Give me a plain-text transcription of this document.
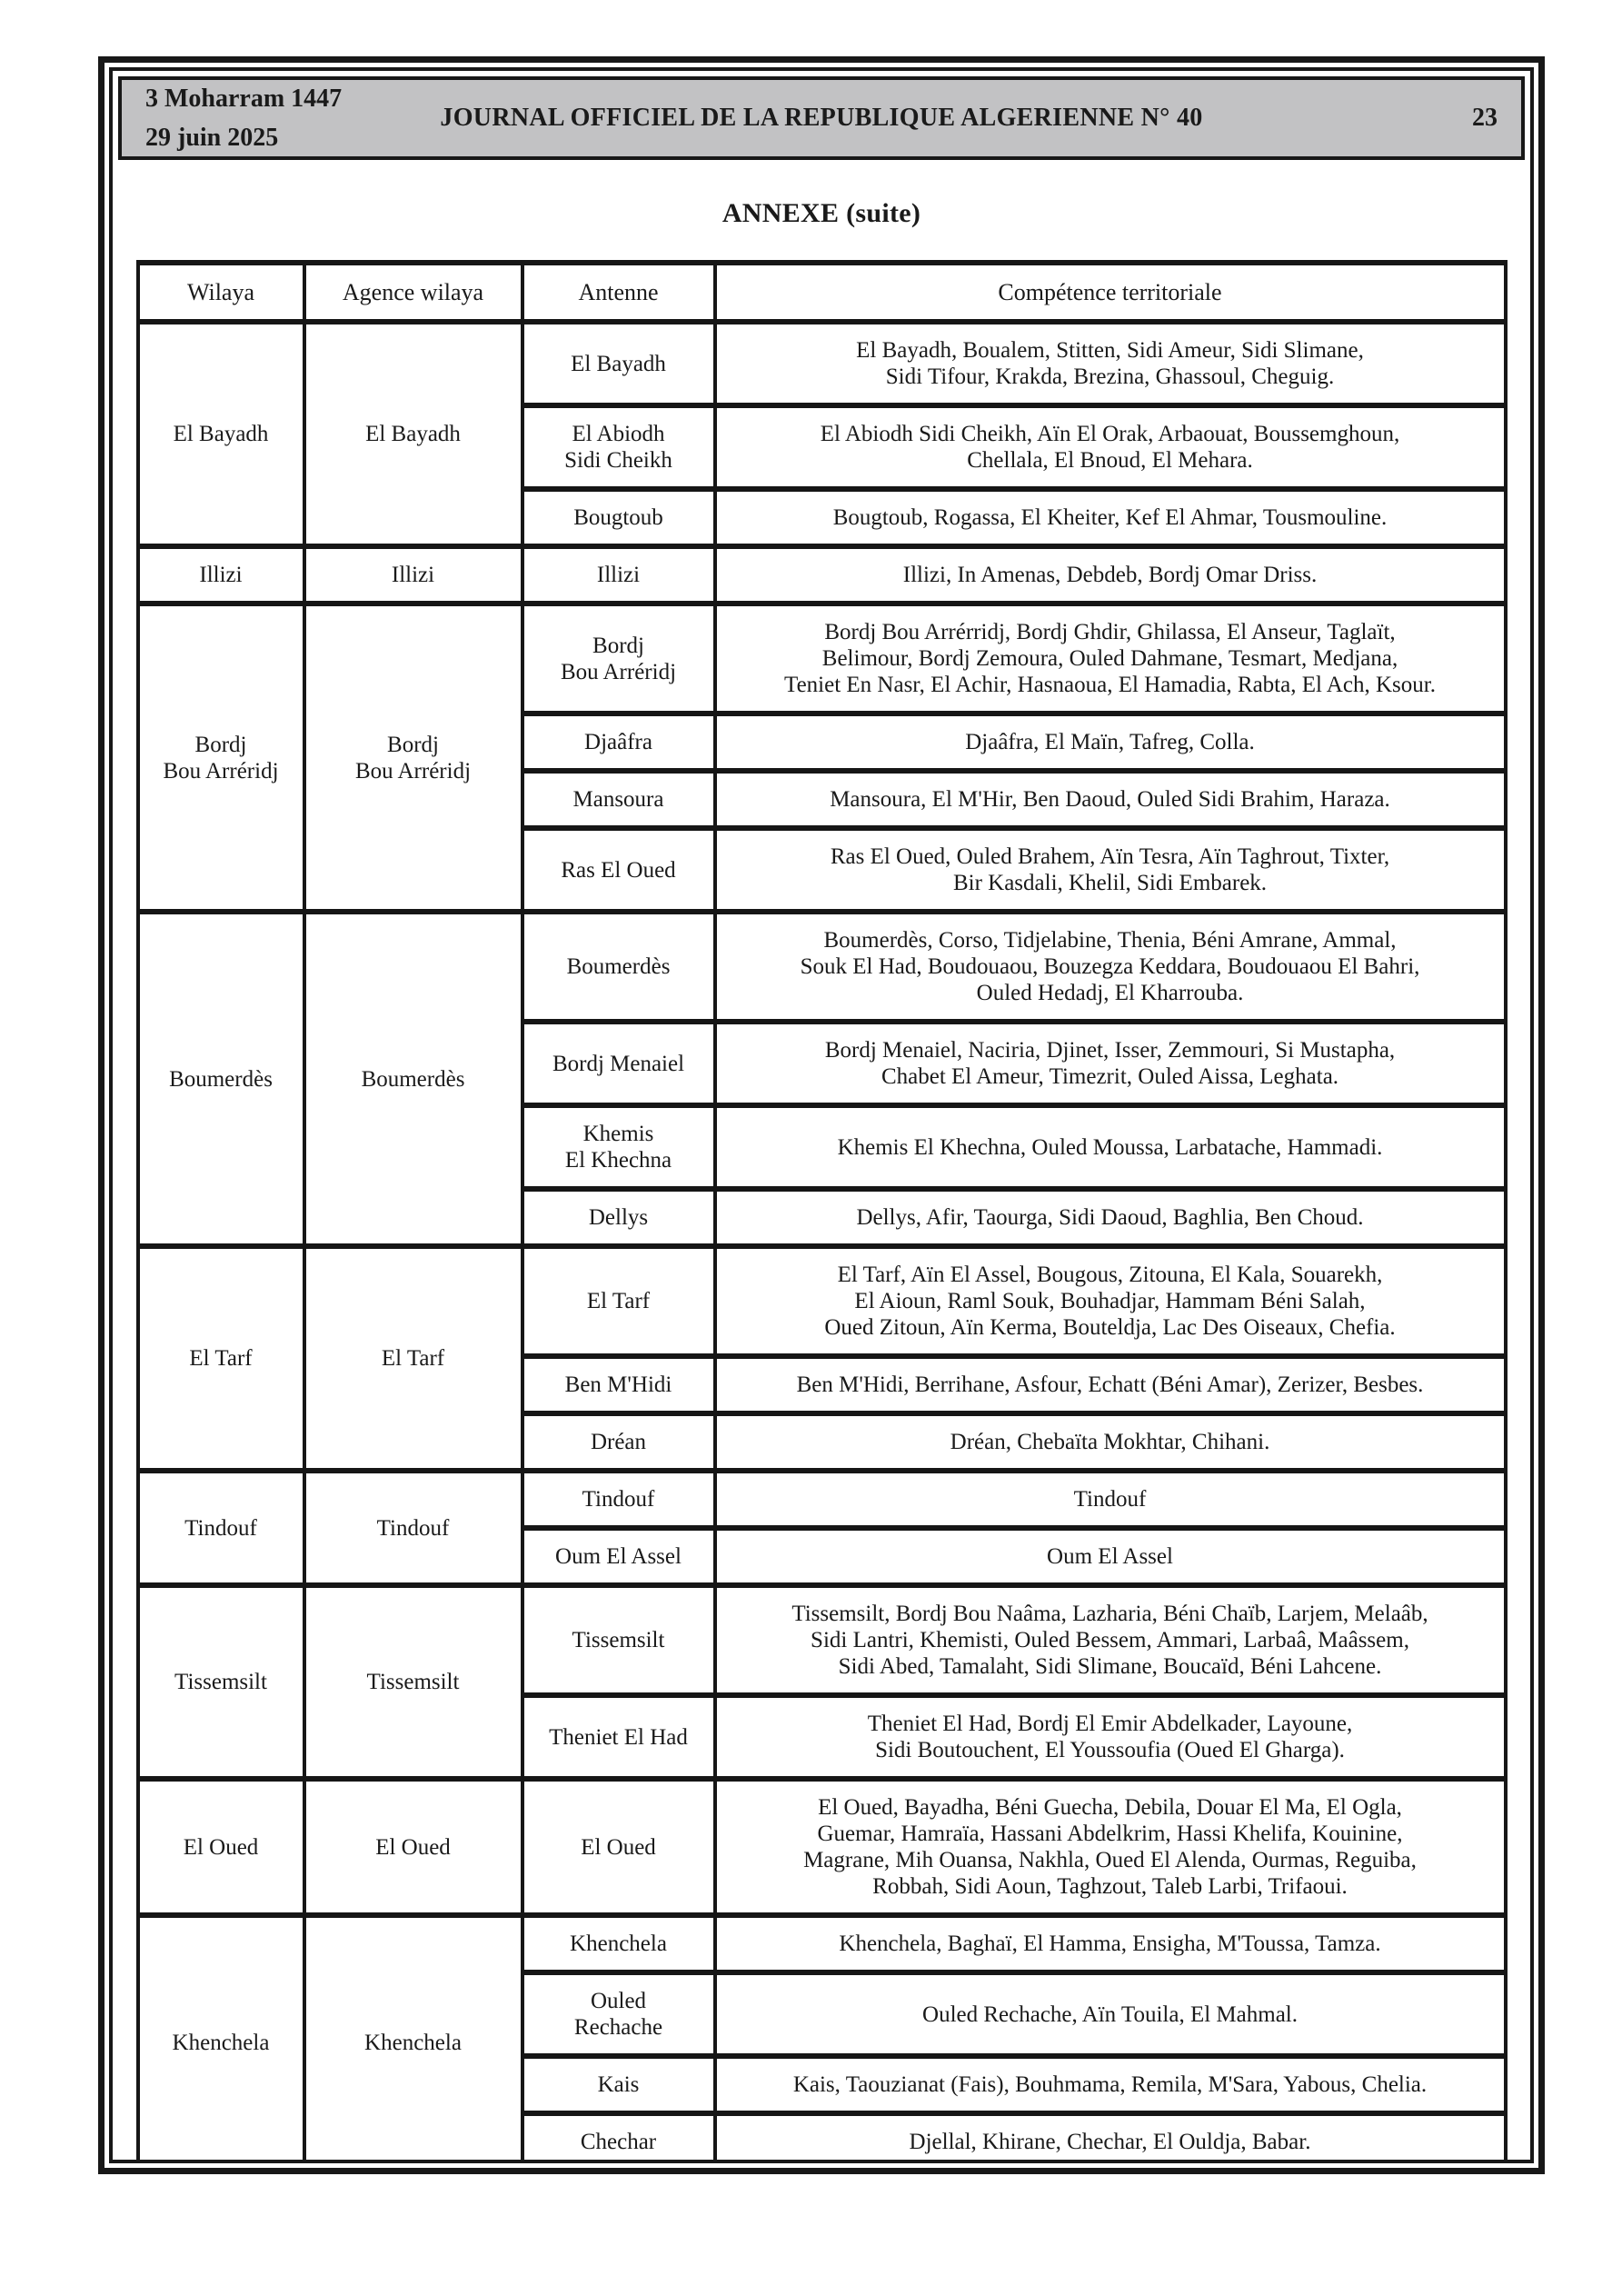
3 Moharram 1447
29 juin 2025
JOURNAL OFFICIEL DE LA REPUBLIQUE ALGERIENNE N° 40	23
ANNEXE (suite)
Wilaya	Agence wilaya	Antenne	Compétence territoriale
El Bayadh	El Bayadh	El Bayadh	El Bayadh, Boualem, Stitten, Sidi Ameur, Sidi Slimane,
Sidi Tifour, Krakda, Brezina, Ghassoul, Cheguig.
		El Abiodh
Sidi Cheikh	El Abiodh Sidi Cheikh, Aïn El Orak, Arbaouat, Boussemghoun,
Chellala, El Bnoud, El Mehara.
		Bougtoub	Bougtoub, Rogassa, El Kheiter, Kef El Ahmar, Tousmouline.
Illizi	Illizi	Illizi	Illizi, In Amenas, Debdeb, Bordj Omar Driss.
Bordj
Bou Arréridj	Bordj
Bou Arréridj	Bordj
Bou Arréridj	Bordj Bou Arrérridj, Bordj Ghdir, Ghilassa, El Anseur, Taglaït,
Belimour, Bordj Zemoura, Ouled Dahmane, Tesmart, Medjana,
Teniet En Nasr, El Achir, Hasnaoua, El Hamadia, Rabta, El Ach, Ksour.
		Djaâfra	Djaâfra, El Maïn, Tafreg, Colla.
		Mansoura	Mansoura, El M'Hir, Ben Daoud, Ouled Sidi Brahim, Haraza.
		Ras El Oued	Ras El Oued, Ouled Brahem, Aïn Tesra, Aïn Taghrout, Tixter,
Bir Kasdali, Khelil, Sidi Embarek.
Boumerdès	Boumerdès	Boumerdès	Boumerdès, Corso, Tidjelabine, Thenia, Béni Amrane, Ammal,
Souk El Had, Boudouaou, Bouzegza Keddara, Boudouaou El Bahri,
Ouled Hedadj, El Kharrouba.
		Bordj Menaiel	Bordj Menaiel, Naciria, Djinet, Isser, Zemmouri, Si Mustapha,
Chabet El Ameur, Timezrit, Ouled Aissa, Leghata.
		Khemis
El Khechna	Khemis El Khechna, Ouled Moussa, Larbatache, Hammadi.
		Dellys	Dellys, Afir, Taourga, Sidi Daoud, Baghlia, Ben Choud.
El Tarf	El Tarf	El Tarf	El Tarf, Aïn El Assel, Bougous, Zitouna, El Kala, Souarekh,
El Aioun, Raml Souk, Bouhadjar, Hammam Béni Salah,
Oued Zitoun, Aïn Kerma, Bouteldja, Lac Des Oiseaux, Chefia.
		Ben M'Hidi	Ben M'Hidi, Berrihane, Asfour, Echatt (Béni Amar), Zerizer, Besbes.
		Dréan	Dréan, Chebaïta Mokhtar, Chihani.
Tindouf	Tindouf	Tindouf	Tindouf
		Oum El Assel	Oum El Assel
Tissemsilt	Tissemsilt	Tissemsilt	Tissemsilt, Bordj Bou Naâma, Lazharia, Béni Chaïb, Larjem, Melaâb,
Sidi Lantri, Khemisti, Ouled Bessem, Ammari, Larbaâ, Maâssem,
Sidi Abed, Tamalaht, Sidi Slimane, Boucaïd, Béni Lahcene.
		Theniet El Had	Theniet El Had, Bordj El Emir Abdelkader, Layoune,
Sidi Boutouchent, El Youssoufia (Oued El Gharga).
El Oued	El Oued	El Oued	El Oued, Bayadha, Béni Guecha, Debila, Douar El Ma, El Ogla,
Guemar, Hamraïa, Hassani Abdelkrim, Hassi Khelifa, Kouinine,
Magrane, Mih Ouansa, Nakhla, Oued El Alenda, Ourmas, Reguiba,
Robbah, Sidi Aoun, Taghzout, Taleb Larbi, Trifaoui.
Khenchela	Khenchela	Khenchela	Khenchela, Baghaï, El Hamma, Ensigha, M'Toussa, Tamza.
		Ouled
Rechache	Ouled Rechache, Aïn Touila, El Mahmal.
		Kais	Kais, Taouzianat (Fais), Bouhmama, Remila, M'Sara, Yabous, Chelia.
		Chechar	Djellal, Khirane, Chechar, El Ouldja, Babar.
